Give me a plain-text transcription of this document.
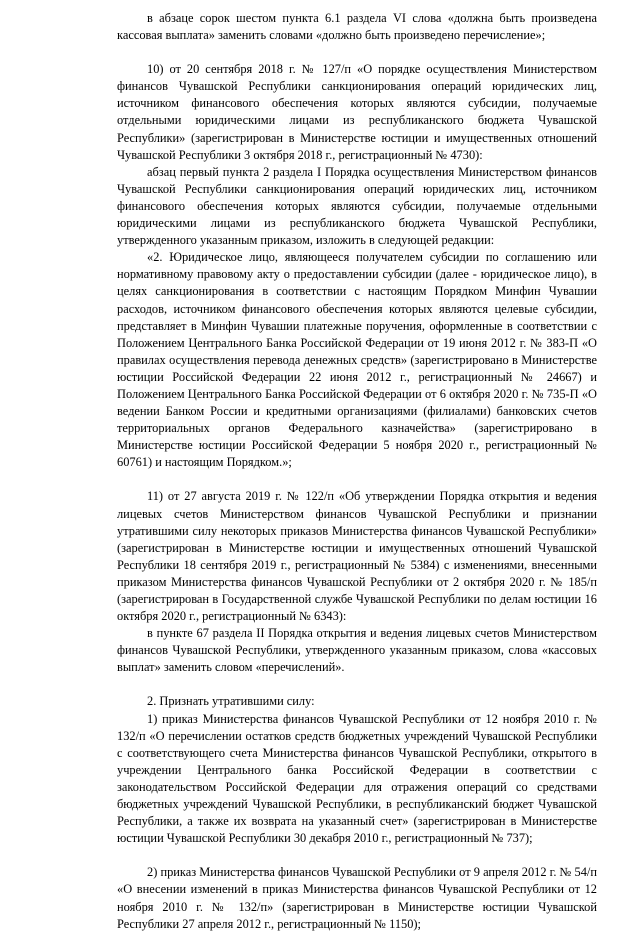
в абзаце сорок шестом пункта 6.1 раздела VI слова «должна быть произведена кассовая выплата» заменить словами «должно быть произведено перечисление»;

10) от 20 сентября 2018 г. № 127/п «О порядке осуществления Министерством финансов Чувашской Республики санкционирования операций юридических лиц, источником финансового обеспечения которых являются субсидии, получаемые отдельными юридическими лицами из республиканского бюджета Чувашской Республики» (зарегистрирован в Министерстве юстиции и имущественных отношений Чувашской Республики 3 октября 2018 г., регистрационный № 4730):

абзац первый пункта 2 раздела I Порядка осуществления Министерством финансов Чувашской Республики санкционирования операций юридических лиц, источником финансового обеспечения которых являются субсидии, получаемые отдельными юридическими лицами из республиканского бюджета Чувашской Республики, утвержденного указанным приказом, изложить в следующей редакции:

«2. Юридическое лицо, являющееся получателем субсидии по соглашению или нормативному правовому акту о предоставлении субсидии (далее - юридическое лицо), в целях санкционирования в соответствии с настоящим Порядком Минфин Чувашии расходов, источником финансового обеспечения которых являются целевые субсидии, представляет в Минфин Чувашии платежные поручения, оформленные в соответствии с Положением Центрального Банка Российской Федерации от 19 июня 2012 г. № 383-П «О правилах осуществления перевода денежных средств» (зарегистрировано в Министерстве юстиции Российской Федерации 22 июня 2012 г., регистрационный № 24667) и Положением Центрального Банка Российской Федерации от 6 октября 2020 г. № 735-П «О ведении Банком России и кредитными организациями (филиалами) банковских счетов территориальных органов Федерального казначейства» (зарегистрировано в Министерстве юстиции Российской Федерации 5 ноября 2020 г., регистрационный № 60761) и настоящим Порядком.»;

11) от 27 августа 2019 г. № 122/п «Об утверждении Порядка открытия и ведения лицевых счетов Министерством финансов Чувашской Республики и признании утратившими силу некоторых приказов Министерства финансов Чувашской Республики» (зарегистрирован в Министерстве юстиции и имущественных отношений Чувашской Республики 18 сентября 2019 г., регистрационный № 5384) с изменениями, внесенными приказом Министерства финансов Чувашской Республики от 2 октября 2020 г. № 185/п (зарегистрирован в Государственной службе Чувашской Республики по делам юстиции 16 октября 2020 г., регистрационный № 6343):

в пункте 67 раздела II Порядка открытия и ведения лицевых счетов Министерством финансов Чувашской Республики, утвержденного указанным приказом, слова «кассовых выплат» заменить словом «перечислений».

2. Признать утратившими силу:

1) приказ Министерства финансов Чувашской Республики от 12 ноября 2010 г. № 132/п «О перечислении остатков средств бюджетных учреждений Чувашской Республики с соответствующего счета Министерства финансов Чувашской Республики, открытого в учреждении Центрального банка Российской Федерации в соответствии с законодательством Российской Федерации для отражения операций со средствами бюджетных учреждений Чувашской Республики, в республиканский бюджет Чувашской Республики, а также их возврата на указанный счет» (зарегистрирован в Министерстве юстиции Чувашской Республики 30 декабря 2010 г., регистрационный № 737);

2) приказ Министерства финансов Чувашской Республики от 9 апреля 2012 г. № 54/п «О внесении изменений в приказ Министерства финансов Чувашской Республики от 12 ноября 2010 г. № 132/п» (зарегистрирован в Министерстве юстиции Чувашской Республики 27 апреля 2012 г., регистрационный № 1150);
